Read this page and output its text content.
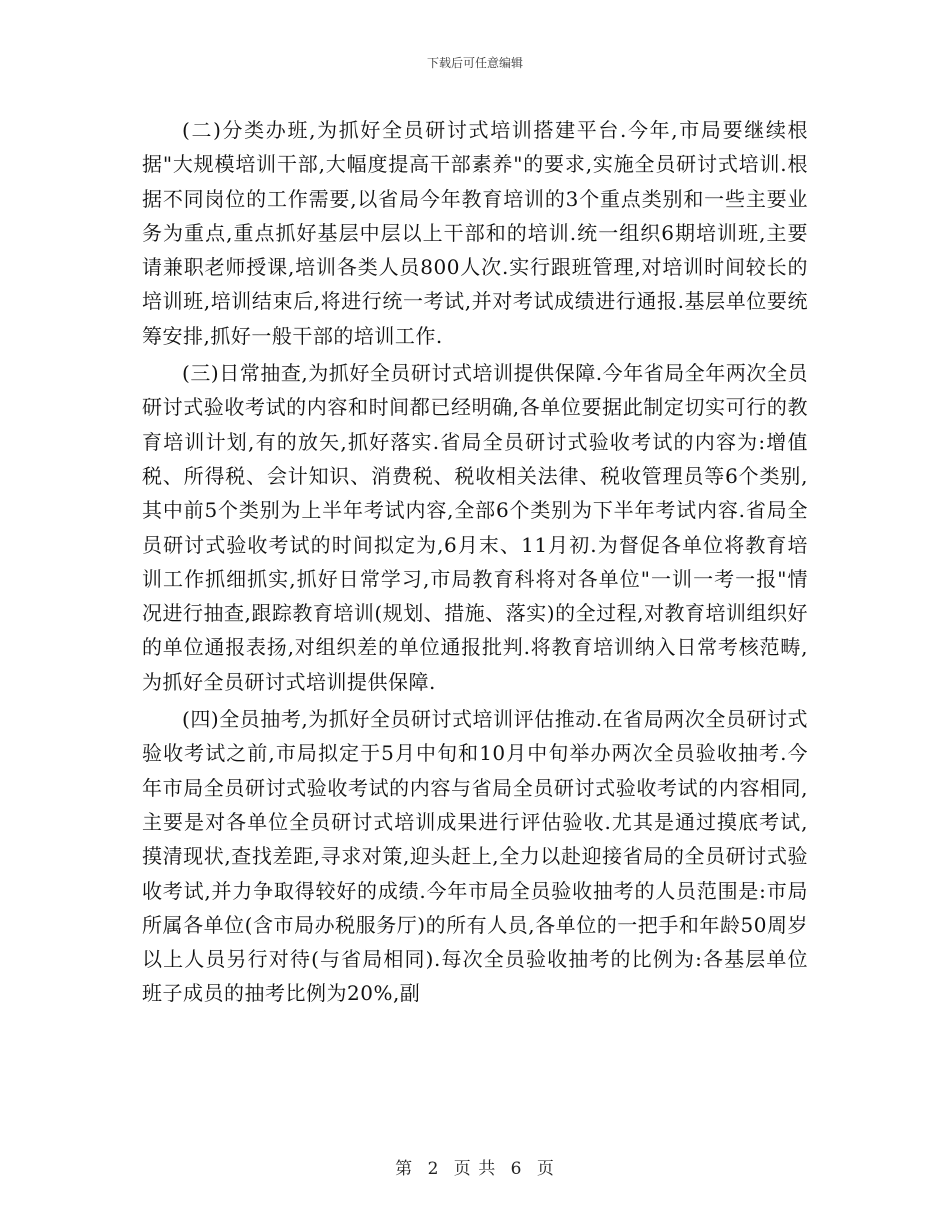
下载后可任意编辑

(二)分类办班,为抓好全员研讨式培训搭建平台.今年,市局要继续根据"大规模培训干部,大幅度提高干部素养"的要求,实施全员研讨式培训.根据不同岗位的工作需要,以省局今年教育培训的3个重点类别和一些主要业务为重点,重点抓好基层中层以上干部和的培训.统一组织6期培训班,主要请兼职老师授课,培训各类人员800人次.实行跟班管理,对培训时间较长的培训班,培训结束后,将进行统一考试,并对考试成绩进行通报.基层单位要统筹安排,抓好一般干部的培训工作.

(三)日常抽查,为抓好全员研讨式培训提供保障.今年省局全年两次全员研讨式验收考试的内容和时间都已经明确,各单位要据此制定切实可行的教育培训计划,有的放矢,抓好落实.省局全员研讨式验收考试的内容为:增值税、所得税、会计知识、消费税、税收相关法律、税收管理员等6个类别,其中前5个类别为上半年考试内容,全部6个类别为下半年考试内容.省局全员研讨式验收考试的时间拟定为,6月末、11月初.为督促各单位将教育培训工作抓细抓实,抓好日常学习,市局教育科将对各单位"一训一考一报"情况进行抽查,跟踪教育培训(规划、措施、落实)的全过程,对教育培训组织好的单位通报表扬,对组织差的单位通报批判.将教育培训纳入日常考核范畴,为抓好全员研讨式培训提供保障.

(四)全员抽考,为抓好全员研讨式培训评估推动.在省局两次全员研讨式验收考试之前,市局拟定于5月中旬和10月中旬举办两次全员验收抽考.今年市局全员研讨式验收考试的内容与省局全员研讨式验收考试的内容相同,主要是对各单位全员研讨式培训成果进行评估验收.尤其是通过摸底考试,摸清现状,查找差距,寻求对策,迎头赶上,全力以赴迎接省局的全员研讨式验收考试,并力争取得较好的成绩.今年市局全员验收抽考的人员范围是:市局所属各单位(含市局办税服务厅)的所有人员,各单位的一把手和年龄50周岁以上人员另行对待(与省局相同).每次全员验收抽考的比例为:各基层单位班子成员的抽考比例为20%,副

第 2 页 共 6 页
